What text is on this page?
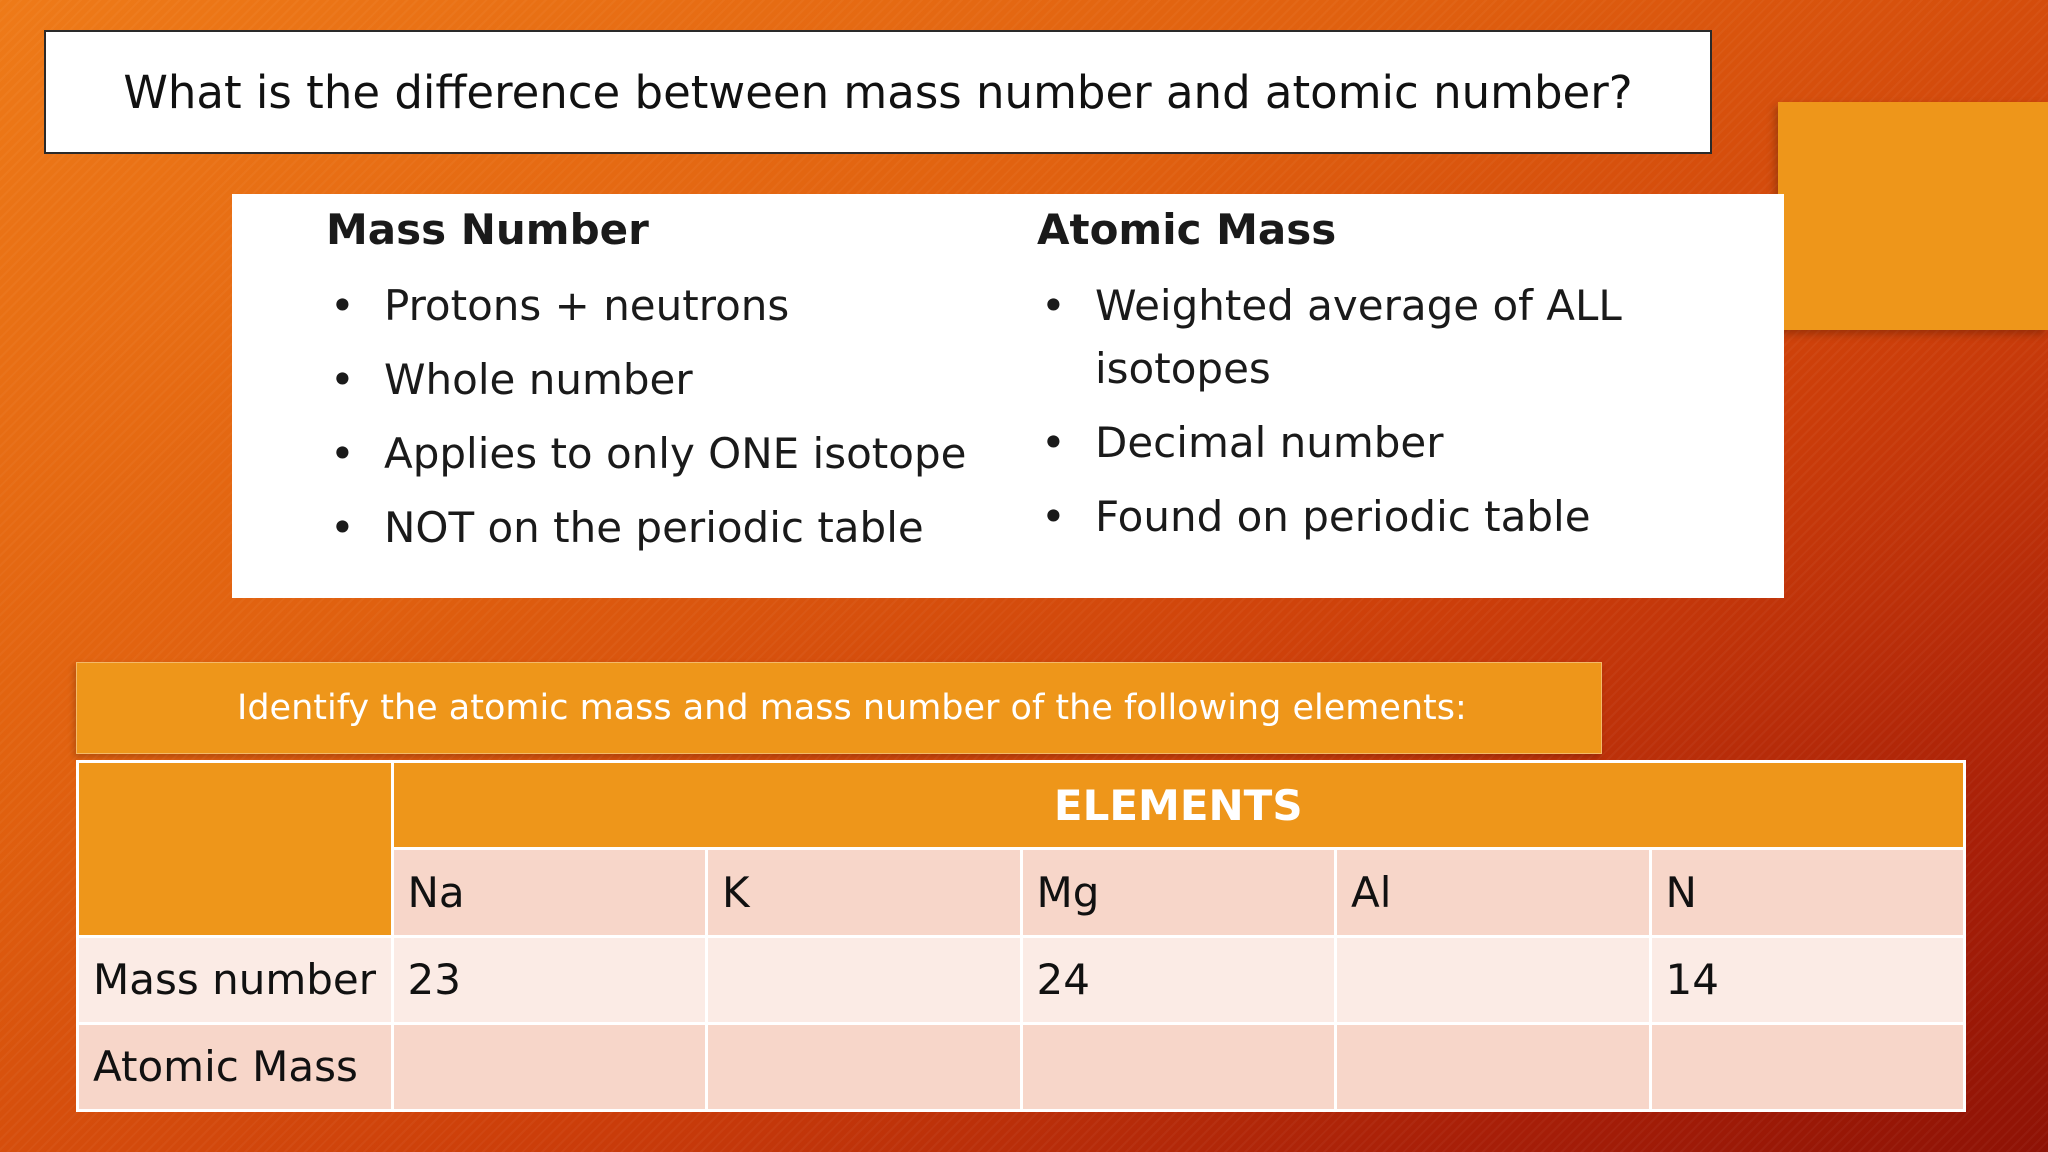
What is the difference between mass number and atomic number?
Mass Number
• Protons + neutrons
• Whole number
• Applies to only ONE isotope
• NOT on the periodic table
Atomic Mass
• Weighted average of ALL isotopes
• Decimal number
• Found on periodic table
Identify the atomic mass and mass number of the following elements:
	ELEMENTS				
	Na	K	Mg	Al	N
Mass number	23		24		14
Atomic Mass					
